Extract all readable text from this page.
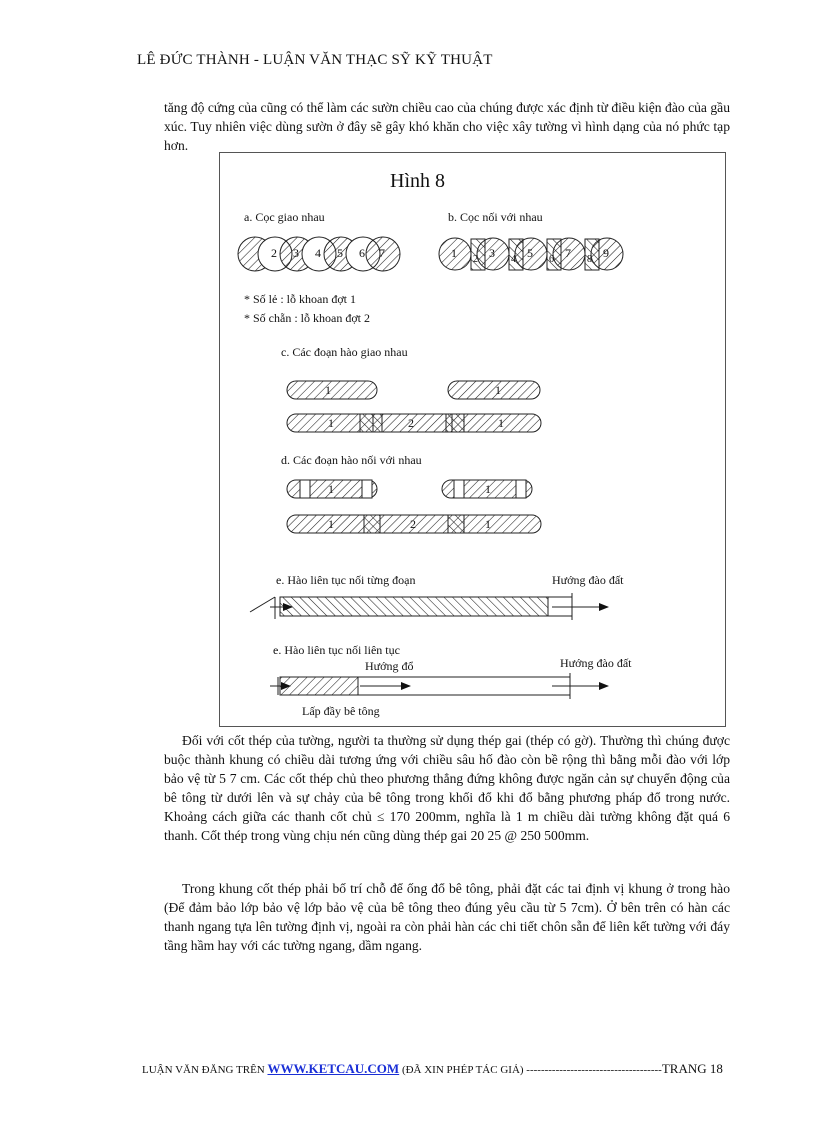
LÊ ĐỨC THÀNH - LUẬN VĂN THẠC SỸ KỸ THUẬT

tăng độ cứng của cũng có thể làm các sườn chiều cao của chúng được xác định từ điều kiện đào của gầu xúc. Tuy nhiên việc dùng sườn ở đây sẽ gây khó khăn cho việc xây tường vì hình dạng của nó phức tạp hơn.

Hình 8
a. Cọc giao nhau	b. Cọc nối với nhau
2 3 4 5 6 7	1 2 3 4 5 6 7 8 9
* Số lẻ : lỗ khoan đợt 1
* Số chẵn : lỗ khoan đợt 2
c. Các đoạn hào giao nhau
1	1
1	2	1
d. Các đoạn hào nối với nhau
1	1
1	2	1
e. Hào liên tục nối từng đoạn	Hướng đào đất
e. Hào liên tục nối liên tục
Hướng đổ	Hướng đào đất
Lấp đầy bê tông

Đối với cốt thép của tường, người ta thường sử dụng thép gai (thép có gờ). Thường thì chúng được buộc thành khung có chiều dài tương ứng với chiều sâu hố đào còn bề rộng thì bằng mỗi đào với lớp bảo vệ từ 5 7 cm. Các cốt thép chủ theo phương thẳng đứng không được ngăn cản sự chuyển động của bê tông từ dưới lên và sự chảy của bê tông trong khối đổ khi đổ bằng phương pháp đổ trong nước. Khoảng cách giữa các thanh cốt chủ ≤ 170 200mm, nghĩa là 1 m chiều dài tường không đặt quá 6 thanh. Cốt thép trong vùng chịu nén cũng dùng thép gai 20 25 @ 250 500mm.

Trong khung cốt thép phải bố trí chỗ để ống đổ bê tông, phải đặt các tai định vị khung ở trong hào (Để đảm bảo lớp bảo vệ lớp bảo vệ của bê tông theo đúng yêu cầu từ 5 7cm). Ở bên trên có hàn các thanh ngang tựa lên tường định vị, ngoài ra còn phải hàn các chi tiết chôn sẵn để liên kết tường với đáy tầng hầm hay với các tường ngang, dầm ngang.

LUẬN VĂN ĐĂNG TRÊN WWW.KETCAU.COM (ĐÃ XIN PHÉP TÁC GIẢ) -------------------------------------TRANG 18
